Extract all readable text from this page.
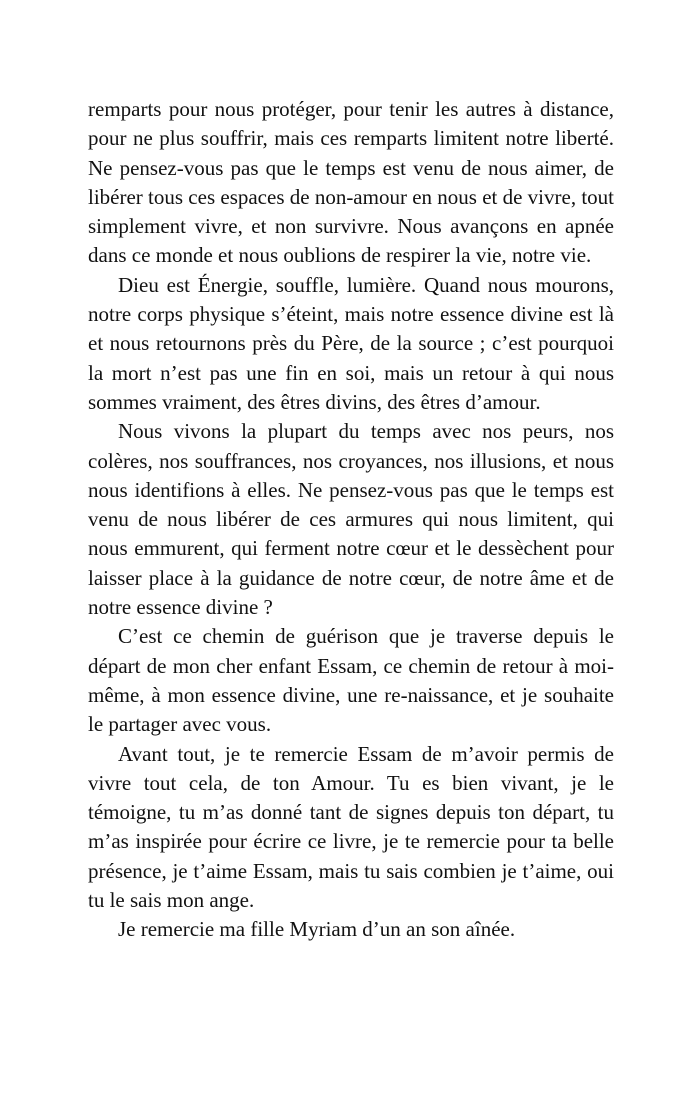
remparts pour nous protéger, pour tenir les autres à distance, pour ne plus souffrir, mais ces remparts limitent notre liberté. Ne pensez-vous pas que le temps est venu de nous aimer, de libérer tous ces espaces de non-amour en nous et de vivre, tout simplement vivre, et non survivre. Nous avançons en apnée dans ce monde et nous oublions de respirer la vie, notre vie.

Dieu est Énergie, souffle, lumière. Quand nous mourons, notre corps physique s’éteint, mais notre essence divine est là et nous retournons près du Père, de la source ; c’est pourquoi la mort n’est pas une fin en soi, mais un retour à qui nous sommes vraiment, des êtres divins, des êtres d’amour.

Nous vivons la plupart du temps avec nos peurs, nos colères, nos souffrances, nos croyances, nos illusions, et nous nous identifions à elles. Ne pensez-vous pas que le temps est venu de nous libérer de ces armures qui nous limitent, qui nous emmurent, qui ferment notre cœur et le dessèchent pour laisser place à la guidance de notre cœur, de notre âme et de notre essence divine ?

C’est ce chemin de guérison que je traverse depuis le départ de mon cher enfant Essam, ce chemin de retour à moi-même, à mon essence divine, une re-naissance, et je souhaite le partager avec vous.

Avant tout, je te remercie Essam de m’avoir permis de vivre tout cela, de ton Amour. Tu es bien vivant, je le témoigne, tu m’as donné tant de signes depuis ton départ, tu m’as inspirée pour écrire ce livre, je te remercie pour ta belle présence, je t’aime Essam, mais tu sais combien je t’aime, oui tu le sais mon ange.

Je remercie ma fille Myriam d’un an son aînée.
